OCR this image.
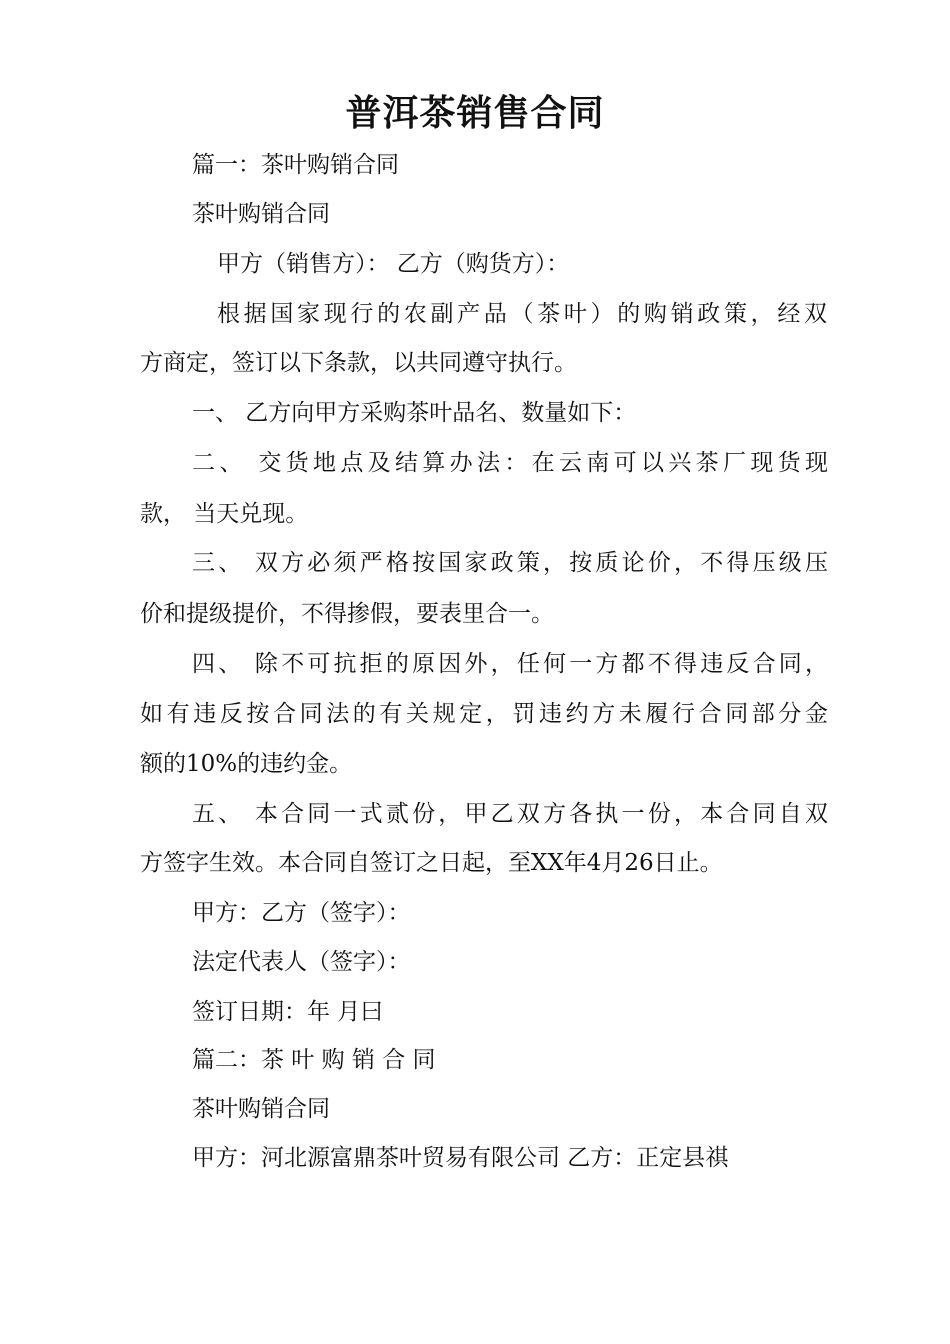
普洱茶销售合同
篇一：茶叶购销合同
茶叶购销合同
甲方（销售方）： 乙方（购货方）：
根据国家现行的农副产品（茶叶）的购销政策，经双
方商定，签订以下条款，以共同遵守执行。
一、 乙方向甲方采购茶叶品名、数量如下：
二、 交货地点及结算办法：在云南可以兴茶厂现货现
款， 当天兑现。
三、 双方必须严格按国家政策，按质论价，不得压级压
价和提级提价，不得掺假，要表里合一。
四、 除不可抗拒的原因外，任何一方都不得违反合同，
如有违反按合同法的有关规定，罚违约方未履行合同部分金
额的10%的违约金。
五、 本合同一式贰份，甲乙双方各执一份，本合同自双
方签字生效。本合同自签订之日起，至XX年4月26日止。
甲方：乙方（签字）：
法定代表人（签字）：
签订日期：年 月曰
篇二：茶 叶 购 销 合 同
茶叶购销合同
甲方：河北源富鼎茶叶贸易有限公司 乙方：正定县祺
